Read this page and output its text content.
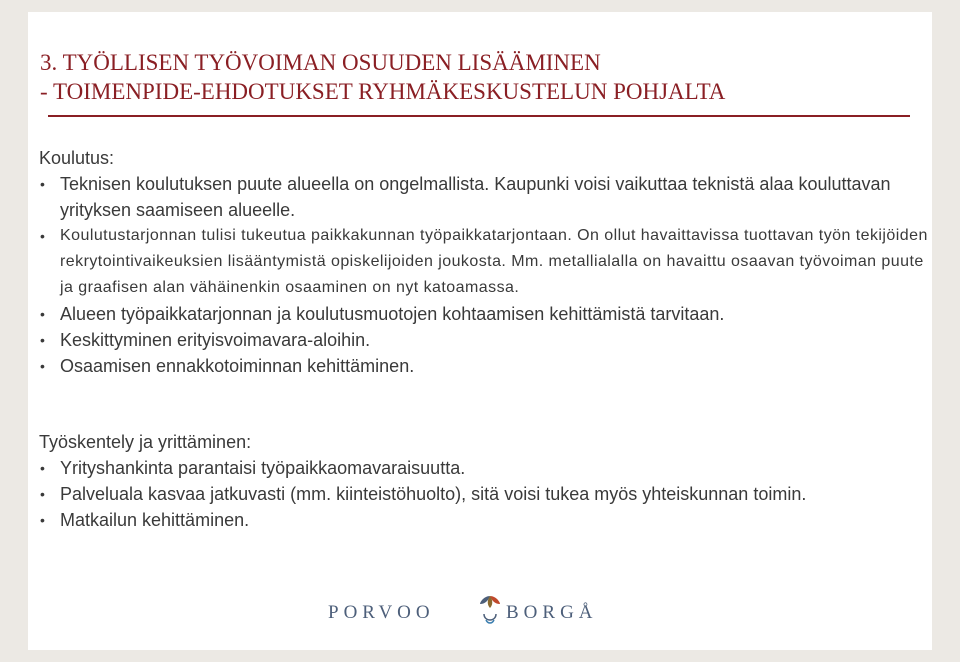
3. TYÖLLISEN TYÖVOIMAN OSUUDEN LISÄÄMINEN
- TOIMENPIDE-EHDOTUKSET RYHMÄKESKUSTELUN POHJALTA
Koulutus:
• Teknisen koulutuksen puute alueella on ongelmallista. Kaupunki voisi vaikuttaa teknistä alaa kouluttavan yrityksen saamiseen alueelle.
• Koulutustarjonnan tulisi tukeutua paikkakunnan työpaikkatarjontaan. On ollut havaittavissa tuottavan työn tekijöiden rekrytointivaikeuksien lisääntymistä opiskelijoiden joukosta. Mm. metallialalla on havaittu osaavan työvoiman puute ja graafisen alan vähäinenkin osaaminen on nyt katoamassa.
• Alueen työpaikkatarjonnan ja koulutusmuotojen kohtaamisen kehittämistä tarvitaan.
• Keskittyminen erityisvoimavara-aloihin.
• Osaamisen ennakkotoiminnan kehittäminen.
Työskentely ja yrittäminen:
• Yrityshankinta parantaisi työpaikkaomavaraisuutta.
• Palveluala kasvaa jatkuvasti (mm. kiinteistöhuolto), sitä voisi tukea myös yhteiskunnan toimin.
• Matkailun kehittäminen.
PORVOO	BORGÅ
